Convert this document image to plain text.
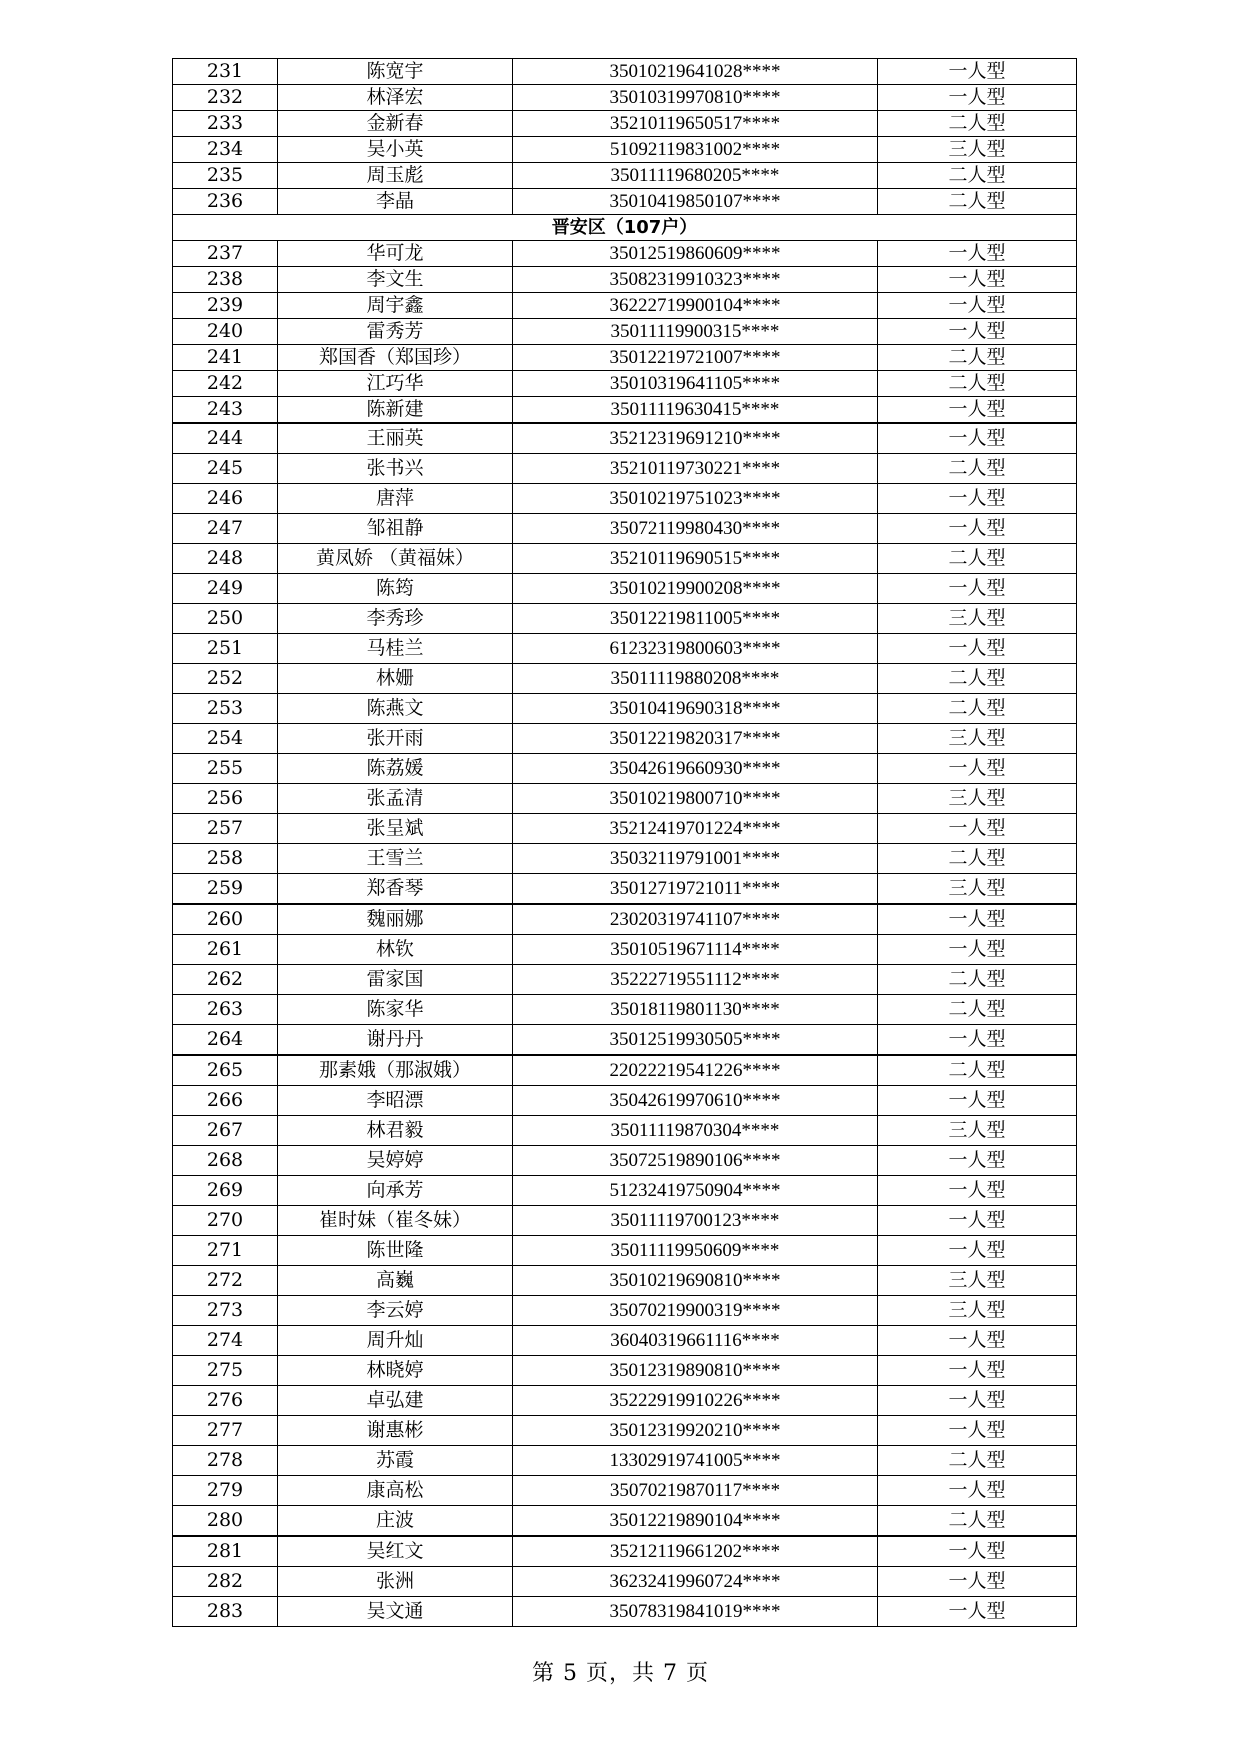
231	陈宽宇	35010219641028****	一人型
232	林泽宏	35010319970810****	一人型
233	金新春	35210119650517****	二人型
234	吴小英	51092119831002****	三人型
235	周玉彪	35011119680205****	二人型
236	李晶	35010419850107****	二人型
晋安区（107户）			
237	华可龙	35012519860609****	一人型
238	李文生	35082319910323****	一人型
239	周宇鑫	36222719900104****	一人型
240	雷秀芳	35011119900315****	一人型
241	郑国香（郑国珍）	35012219721007****	二人型
242	江巧华	35010319641105****	二人型
243	陈新建	35011119630415****	一人型
244	王丽英	35212319691210****	一人型
245	张书兴	35210119730221****	二人型
246	唐萍	35010219751023****	一人型
247	邹祖静	35072119980430****	一人型
248	黄凤娇 （黄福妹）	35210119690515****	二人型
249	陈筠	35010219900208****	一人型
250	李秀珍	35012219811005****	三人型
251	马桂兰	61232319800603****	一人型
252	林姗	35011119880208****	二人型
253	陈燕文	35010419690318****	二人型
254	张开雨	35012219820317****	三人型
255	陈荔媛	35042619660930****	一人型
256	张孟清	35010219800710****	三人型
257	张呈斌	35212419701224****	一人型
258	王雪兰	35032119791001****	二人型
259	郑香琴	35012719721011****	三人型
260	魏丽娜	23020319741107****	一人型
261	林钦	35010519671114****	一人型
262	雷家国	35222719551112****	二人型
263	陈家华	35018119801130****	二人型
264	谢丹丹	35012519930505****	一人型
265	那素娥（那淑娥）	22022219541226****	二人型
266	李昭漂	35042619970610****	一人型
267	林君毅	35011119870304****	三人型
268	吴婷婷	35072519890106****	一人型
269	向承芳	51232419750904****	一人型
270	崔时妹（崔冬妹）	35011119700123****	一人型
271	陈世隆	35011119950609****	一人型
272	高巍	35010219690810****	三人型
273	李云婷	35070219900319****	三人型
274	周升灿	36040319661116****	一人型
275	林晓婷	35012319890810****	一人型
276	卓弘建	35222919910226****	一人型
277	谢惠彬	35012319920210****	一人型
278	苏霞	13302919741005****	二人型
279	康高松	35070219870117****	一人型
280	庄波	35012219890104****	二人型
281	吴红文	35212119661202****	一人型
282	张洲	36232419960724****	一人型
283	吴文通	35078319841019****	一人型
第 5 页，共 7 页
